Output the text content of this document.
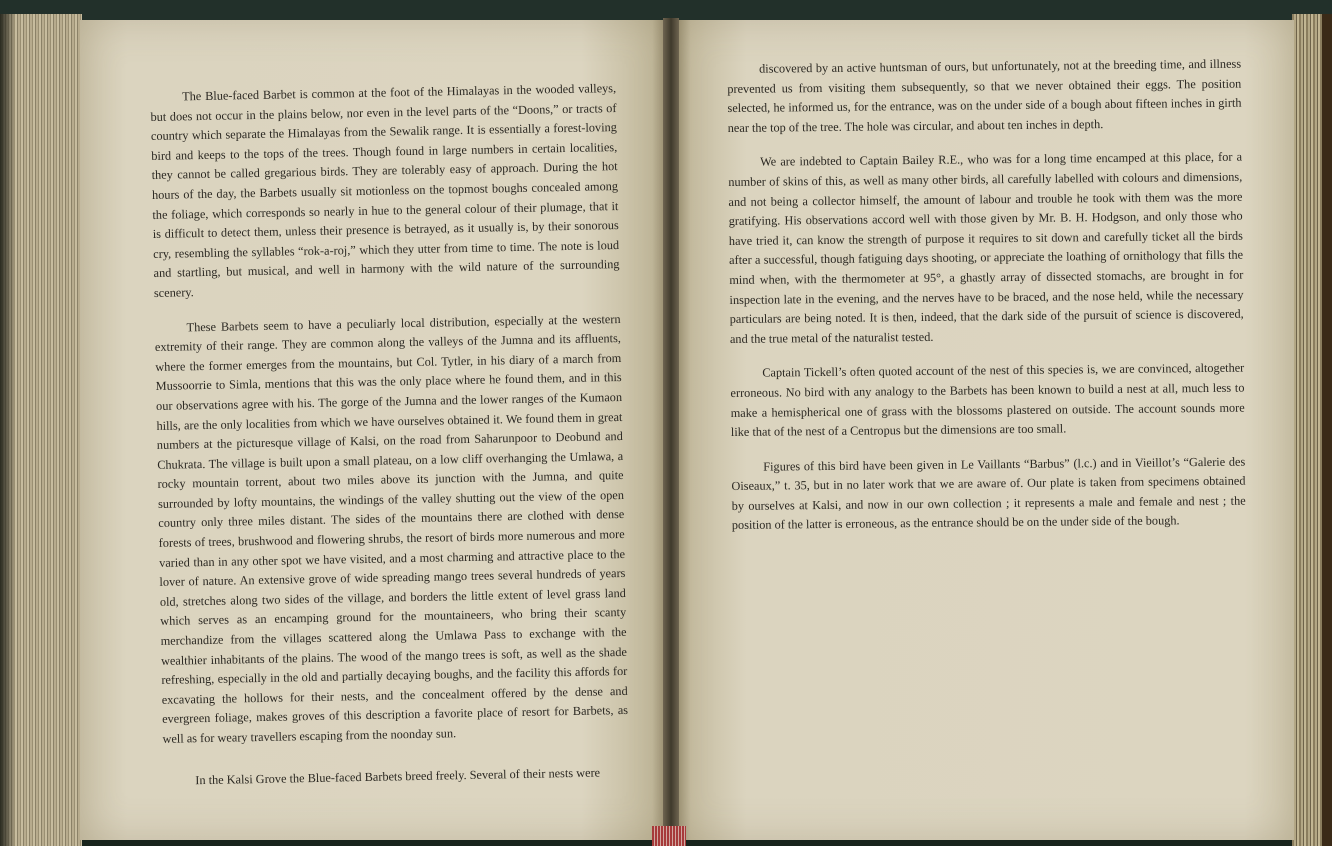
The Blue-faced Barbet is common at the foot of the Himalayas in the wooded valleys, but does not occur in the plains below, nor even in the level parts of the “Doons,” or tracts of country which separate the Himalayas from the Sewalik range. It is essentially a forest-loving bird and keeps to the tops of the trees. Though found in large numbers in certain localities, they cannot be called gregarious birds. They are tolerably easy of approach. During the hot hours of the day, the Barbets usually sit motionless on the topmost boughs concealed among the foliage, which corresponds so nearly in hue to the general colour of their plumage, that it is difficult to detect them, unless their presence is betrayed, as it usually is, by their sonorous cry, resembling the syllables “rok-a-roj,” which they utter from time to time. The note is loud and startling, but musical, and well in harmony with the wild nature of the surrounding scenery.

These Barbets seem to have a peculiarly local distribution, especially at the western extremity of their range. They are common along the valleys of the Jumna and its affluents, where the former emerges from the mountains, but Col. Tytler, in his diary of a march from Mussoorrie to Simla, mentions that this was the only place where he found them, and in this our observations agree with his. The gorge of the Jumna and the lower ranges of the Kumaon hills, are the only localities from which we have ourselves obtained it. We found them in great numbers at the picturesque village of Kalsi, on the road from Saharunpoor to Deobund and Chukrata. The village is built upon a small plateau, on a low cliff overhanging the Umlawa, a rocky mountain torrent, about two miles above its junction with the Jumna, and quite surrounded by lofty mountains, the windings of the valley shutting out the view of the open country only three miles distant. The sides of the mountains there are clothed with dense forests of trees, brushwood and flowering shrubs, the resort of birds more numerous and more varied than in any other spot we have visited, and a most charming and attractive place to the lover of nature. An extensive grove of wide spreading mango trees several hundreds of years old, stretches along two sides of the village, and borders the little extent of level grass land which serves as an encamping ground for the mountaineers, who bring their scanty merchandize from the villages scattered along the Umlawa Pass to exchange with the wealthier inhabitants of the plains. The wood of the mango trees is soft, as well as the shade refreshing, especially in the old and partially decaying boughs, and the facility this affords for excavating the hollows for their nests, and the concealment offered by the dense and evergreen foliage, makes groves of this description a favorite place of resort for Barbets, as well as for weary travellers escaping from the noonday sun.

In the Kalsi Grove the Blue-faced Barbets breed freely. Several of their nests were

discovered by an active huntsman of ours, but unfortunately, not at the breeding time, and illness prevented us from visiting them subsequently, so that we never obtained their eggs. The position selected, he informed us, for the entrance, was on the under side of a bough about fifteen inches in girth near the top of the tree. The hole was circular, and about ten inches in depth.

We are indebted to Captain Bailey R.E., who was for a long time encamped at this place, for a number of skins of this, as well as many other birds, all carefully labelled with colours and dimensions, and not being a collector himself, the amount of labour and trouble he took with them was the more gratifying. His observations accord well with those given by Mr. B. H. Hodgson, and only those who have tried it, can know the strength of purpose it requires to sit down and carefully ticket all the birds after a successful, though fatiguing days shooting, or appreciate the loathing of ornithology that fills the mind when, with the thermometer at 95°, a ghastly array of dissected stomachs, are brought in for inspection late in the evening, and the nerves have to be braced, and the nose held, while the necessary particulars are being noted. It is then, indeed, that the dark side of the pursuit of science is discovered, and the true metal of the naturalist tested.

Captain Tickell’s often quoted account of the nest of this species is, we are convinced, altogether erroneous. No bird with any analogy to the Barbets has been known to build a nest at all, much less to make a hemispherical one of grass with the blossoms plastered on outside. The account sounds more like that of the nest of a Centropus but the dimensions are too small.

Figures of this bird have been given in Le Vaillants “Barbus” (l.c.) and in Vieillot’s “Galerie des Oiseaux,” t. 35, but in no later work that we are aware of. Our plate is taken from specimens obtained by ourselves at Kalsi, and now in our own collection ; it represents a male and female and nest ; the position of the latter is erroneous, as the entrance should be on the under side of the bough.
